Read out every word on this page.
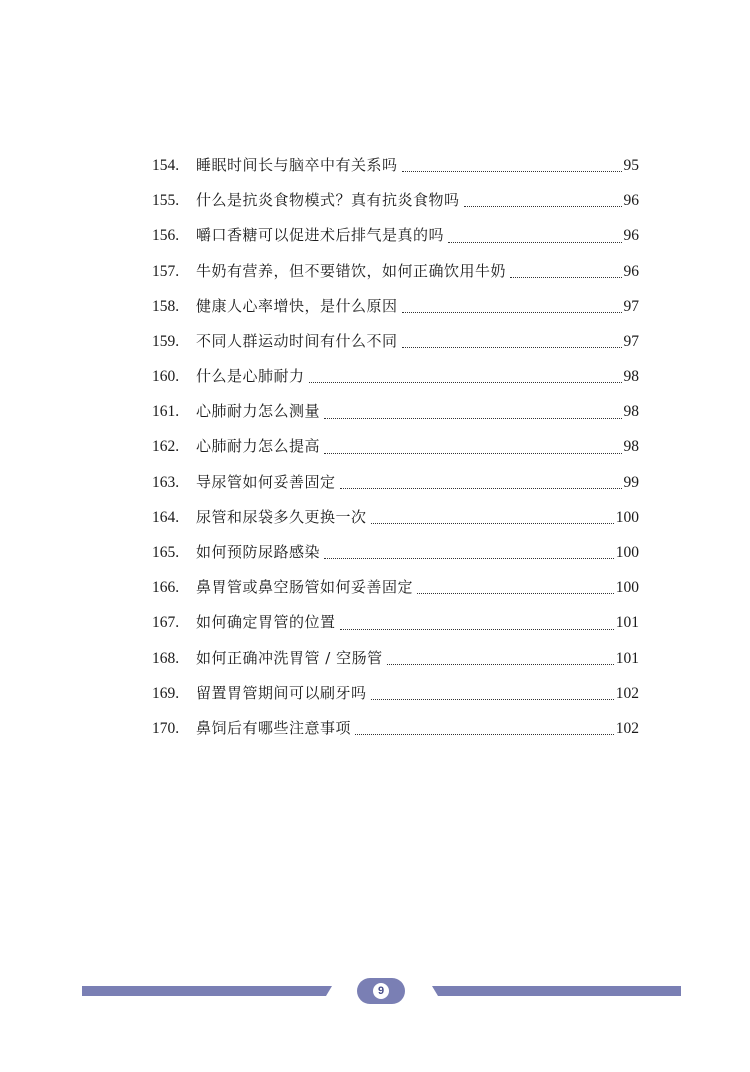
154.	睡眠时间长与脑卒中有关系吗	95
155.	什么是抗炎食物模式？真有抗炎食物吗	96
156.	嚼口香糖可以促进术后排气是真的吗	96
157.	牛奶有营养，但不要错饮，如何正确饮用牛奶	96
158.	健康人心率增快，是什么原因	97
159.	不同人群运动时间有什么不同	97
160.	什么是心肺耐力	98
161.	心肺耐力怎么测量	98
162.	心肺耐力怎么提高	98
163.	导尿管如何妥善固定	99
164.	尿管和尿袋多久更换一次	100
165.	如何预防尿路感染	100
166.	鼻胃管或鼻空肠管如何妥善固定	100
167.	如何确定胃管的位置	101
168.	如何正确冲洗胃管 / 空肠管	101
169.	留置胃管期间可以刷牙吗	102
170.	鼻饲后有哪些注意事项	102
9
